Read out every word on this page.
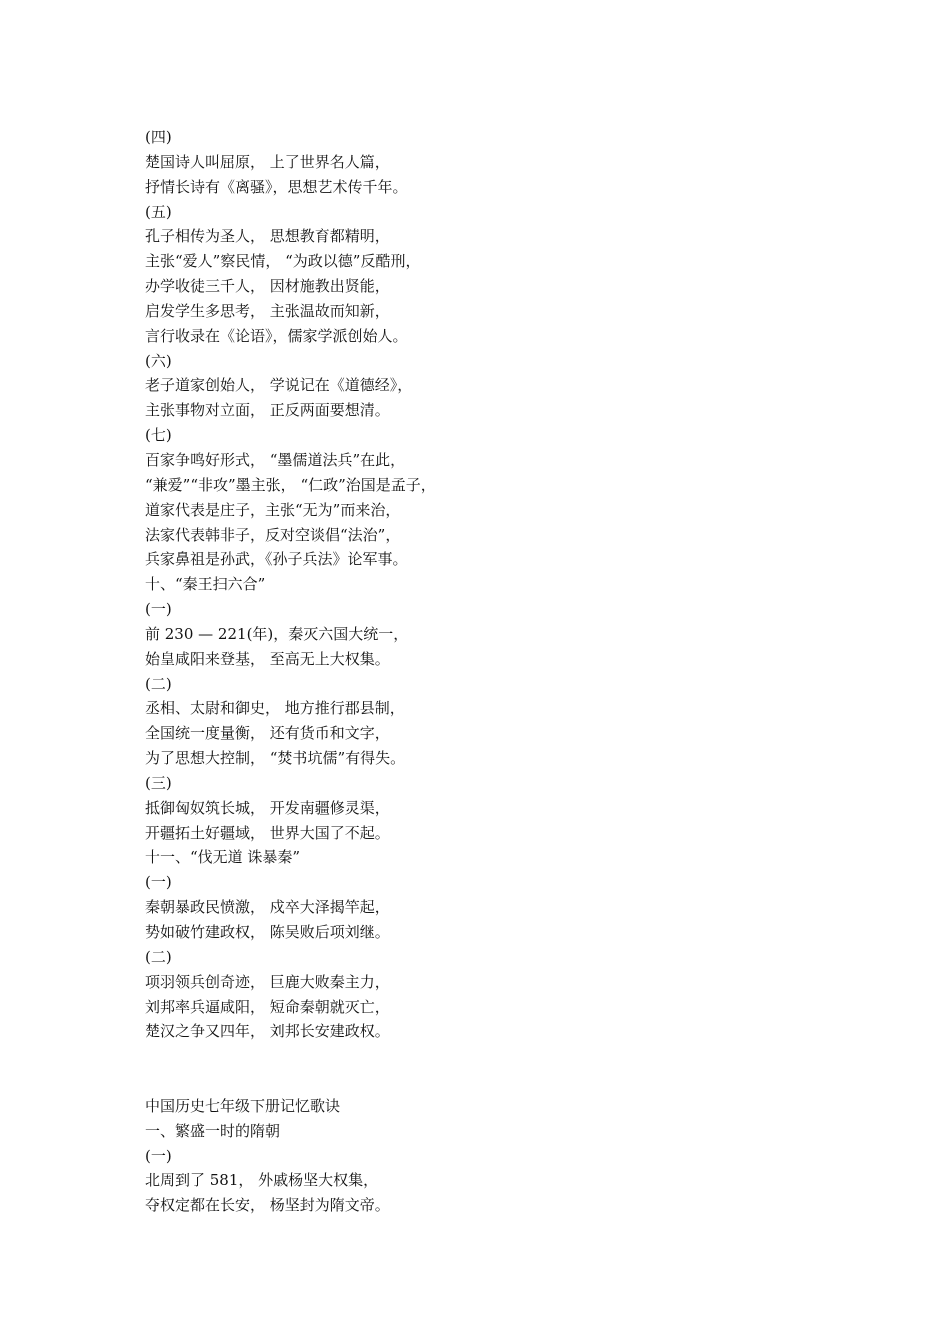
(四)
楚国诗人叫屈原， 上了世界名人篇，
抒情长诗有《离骚》，思想艺术传千年。
(五)
孔子相传为圣人， 思想教育都精明，
主张“爱人”察民情， “为政以德”反酷刑，
办学收徒三千人， 因材施教出贤能，
启发学生多思考， 主张温故而知新，
言行收录在《论语》，儒家学派创始人。
(六)
老子道家创始人， 学说记在《道德经》，
主张事物对立面， 正反两面要想清。
(七)
百家争鸣好形式， “墨儒道法兵”在此，
“兼爱”“非攻”墨主张， “仁政”治国是孟子，
道家代表是庄子，主张“无为”而来治，
法家代表韩非子，反对空谈倡“法治”，
兵家鼻祖是孙武，《孙子兵法》论军事。
十、“秦王扫六合”
(一)
前 230 — 221(年)，秦灭六国大统一，
始皇咸阳来登基， 至高无上大权集。
(二)
丞相、太尉和御史， 地方推行郡县制，
全国统一度量衡， 还有货币和文字，
为了思想大控制， “焚书坑儒”有得失。
(三)
抵御匈奴筑长城， 开发南疆修灵渠，
开疆拓土好疆域， 世界大国了不起。
十一、“伐无道 诛暴秦”
(一)
秦朝暴政民愤激， 戍卒大泽揭竿起，
势如破竹建政权， 陈吴败后项刘继。
(二)
项羽领兵创奇迹， 巨鹿大败秦主力，
刘邦率兵逼咸阳， 短命秦朝就灭亡，
楚汉之争又四年， 刘邦长安建政权。
中国历史七年级下册记忆歌诀
一、繁盛一时的隋朝
(一)
北周到了 581， 外戚杨坚大权集，
夺权定都在长安， 杨坚封为隋文帝。
